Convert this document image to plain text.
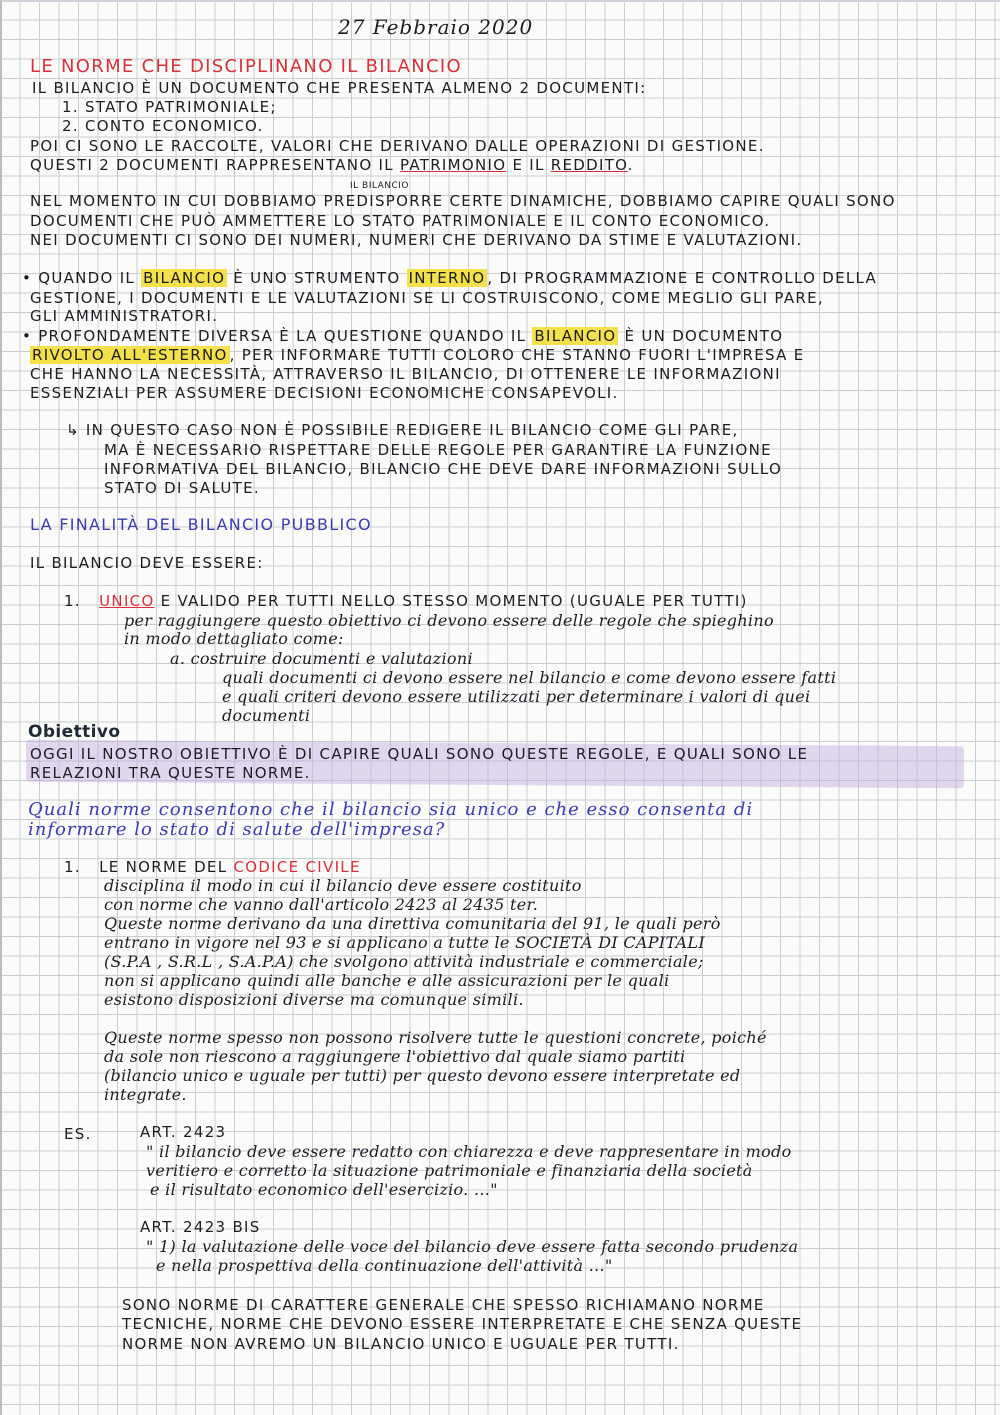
27 Febbraio 2020
LE NORME CHE DISCIPLINANO IL BILANCIO
IL BILANCIO È UN DOCUMENTO CHE PRESENTA ALMENO 2 DOCUMENTI:
1. STATO PATRIMONIALE;
2. CONTO ECONOMICO.
POI CI SONO LE RACCOLTE, VALORI CHE DERIVANO DALLE OPERAZIONI DI GESTIONE.
QUESTI 2 DOCUMENTI RAPPRESENTANO IL PATRIMONIO E IL REDDITO.
IL BILANCIO
NEL MOMENTO IN CUI DOBBIAMO PREDISPORRE CERTE DINAMICHE, DOBBIAMO CAPIRE QUALI SONO
DOCUMENTI CHE PUÒ AMMETTERE LO STATO PATRIMONIALE E IL CONTO ECONOMICO.
NEI DOCUMENTI CI SONO DEI NUMERI, NUMERI CHE DERIVANO DA STIME E VALUTAZIONI.
• QUANDO IL BILANCIO È UNO STRUMENTO INTERNO , DI PROGRAMMAZIONE E CONTROLLO DELLA
GESTIONE, I DOCUMENTI E LE VALUTAZIONI SE LI COSTRUISCONO, COME MEGLIO GLI PARE,
GLI AMMINISTRATORI.
• PROFONDAMENTE DIVERSA È LA QUESTIONE QUANDO IL BILANCIO È UN DOCUMENTO
RIVOLTO ALL'ESTERNO , PER INFORMARE TUTTI COLORO CHE STANNO FUORI L'IMPRESA E
CHE HANNO LA NECESSITÀ, ATTRAVERSO IL BILANCIO, DI OTTENERE LE INFORMAZIONI
ESSENZIALI PER ASSUMERE DECISIONI ECONOMICHE CONSAPEVOLI.
↳ IN QUESTO CASO NON È POSSIBILE REDIGERE IL BILANCIO COME GLI PARE,
MA È NECESSARIO RISPETTARE DELLE REGOLE PER GARANTIRE LA FUNZIONE
INFORMATIVA DEL BILANCIO, BILANCIO CHE DEVE DARE INFORMAZIONI SULLO
STATO DI SALUTE.
LA FINALITÀ DEL BILANCIO PUBBLICO
IL BILANCIO DEVE ESSERE:
1. UNICO E VALIDO PER TUTTI NELLO STESSO MOMENTO (UGUALE PER TUTTI)
per raggiungere questo obiettivo ci devono essere delle regole che spieghino
in modo dettagliato come:
a. costruire documenti e valutazioni
quali documenti ci devono essere nel bilancio e come devono essere fatti
e quali criteri devono essere utilizzati per determinare i valori di quei
documenti
Obiettivo
OGGI IL NOSTRO OBIETTIVO È DI CAPIRE QUALI SONO QUESTE REGOLE, E QUALI SONO LE
RELAZIONI TRA QUESTE NORME.
Quali norme consentono che il bilancio sia unico e che esso consenta di
informare lo stato di salute dell'impresa?
1. LE NORME DEL CODICE CIVILE
disciplina il modo in cui il bilancio deve essere costituito
con norme che vanno dall'articolo 2423 al 2435 ter.
Queste norme derivano da una direttiva comunitaria del 91, le quali però
entrano in vigore nel 93 e si applicano a tutte le SOCIETÀ DI CAPITALI
(S.P.A , S.R.L , S.A.P.A) che svolgono attività industriale e commerciale;
non si applicano quindi alle banche e alle assicurazioni per le quali
esistono disposizioni diverse ma comunque simili.
Queste norme spesso non possono risolvere tutte le questioni concrete, poiché
da sole non riescono a raggiungere l'obiettivo dal quale siamo partiti
(bilancio unico e uguale per tutti) per questo devono essere interpretate ed
integrate.
ES.	ART. 2423
" il bilancio deve essere redatto con chiarezza e deve rappresentare in modo
veritiero e corretto la situazione patrimoniale e finanziaria della società
e il risultato economico dell'esercizio. ..."
ART. 2423 BIS
" 1) la valutazione delle voce del bilancio deve essere fatta secondo prudenza
e nella prospettiva della continuazione dell'attività ..."
SONO NORME DI CARATTERE GENERALE CHE SPESSO RICHIAMANO NORME
TECNICHE, NORME CHE DEVONO ESSERE INTERPRETATE E CHE SENZA QUESTE
NORME NON AVREMO UN BILANCIO UNICO E UGUALE PER TUTTI.
